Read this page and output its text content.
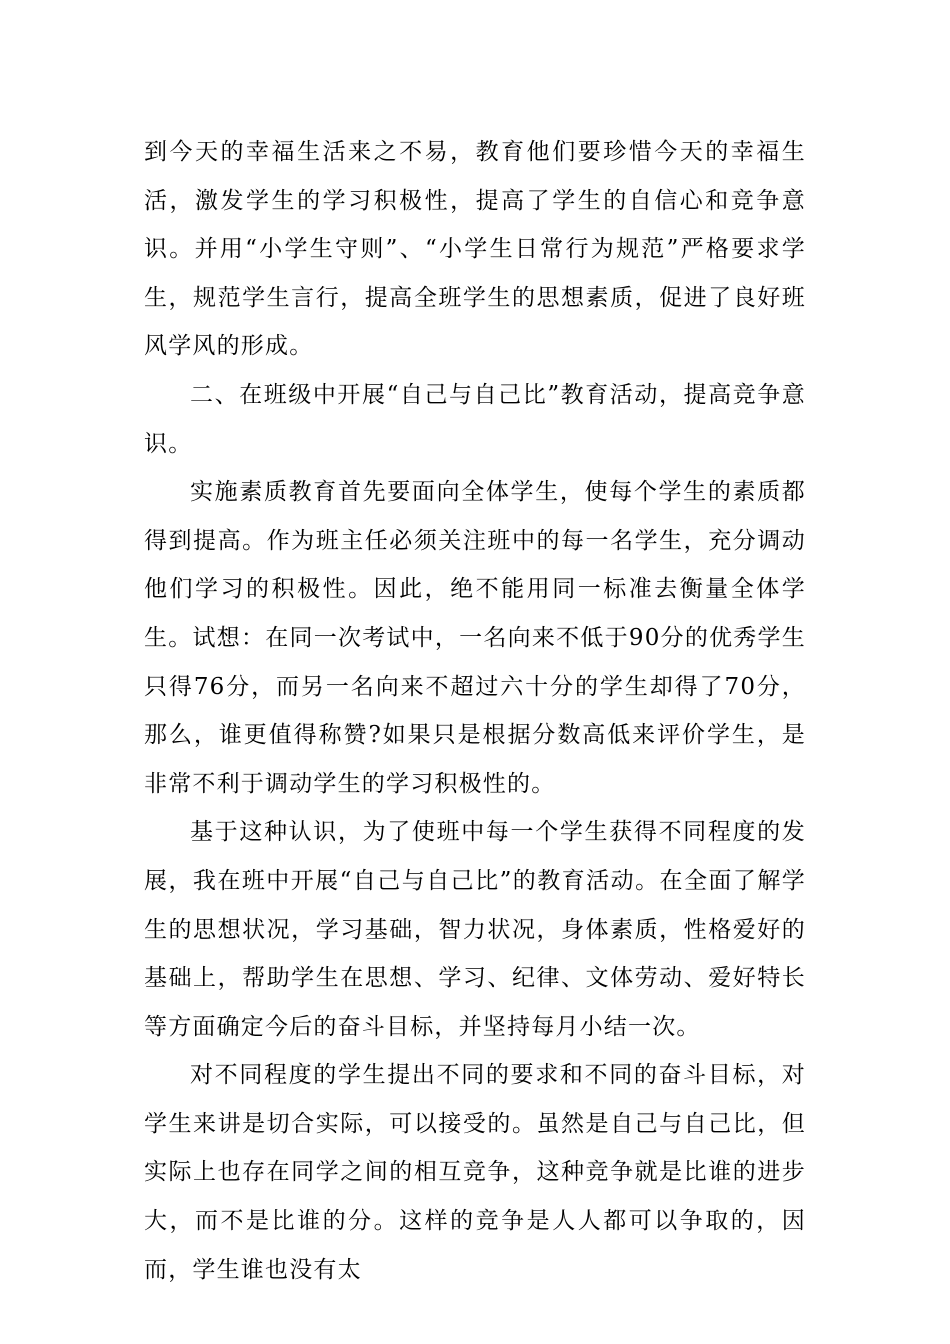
到今天的幸福生活来之不易，教育他们要珍惜今天的幸福生活，激发学生的学习积极性，提高了学生的自信心和竞争意识。并用“小学生守则”、“小学生日常行为规范”严格要求学生，规范学生言行，提高全班学生的思想素质，促进了良好班风学风的形成。

二、在班级中开展“自己与自己比”教育活动，提高竞争意识。

实施素质教育首先要面向全体学生，使每个学生的素质都得到提高。作为班主任必须关注班中的每一名学生，充分调动他们学习的积极性。因此，绝不能用同一标准去衡量全体学生。试想：在同一次考试中，一名向来不低于90分的优秀学生只得76分，而另一名向来不超过六十分的学生却得了70分，那么，谁更值得称赞?如果只是根据分数高低来评价学生，是非常不利于调动学生的学习积极性的。

基于这种认识，为了使班中每一个学生获得不同程度的发展，我在班中开展“自己与自己比”的教育活动。在全面了解学生的思想状况，学习基础，智力状况，身体素质，性格爱好的基础上，帮助学生在思想、学习、纪律、文体劳动、爱好特长等方面确定今后的奋斗目标，并坚持每月小结一次。

对不同程度的学生提出不同的要求和不同的奋斗目标，对学生来讲是切合实际，可以接受的。虽然是自己与自己比，但实际上也存在同学之间的相互竞争，这种竞争就是比谁的进步大，而不是比谁的分。这样的竞争是人人都可以争取的，因而，学生谁也没有太
